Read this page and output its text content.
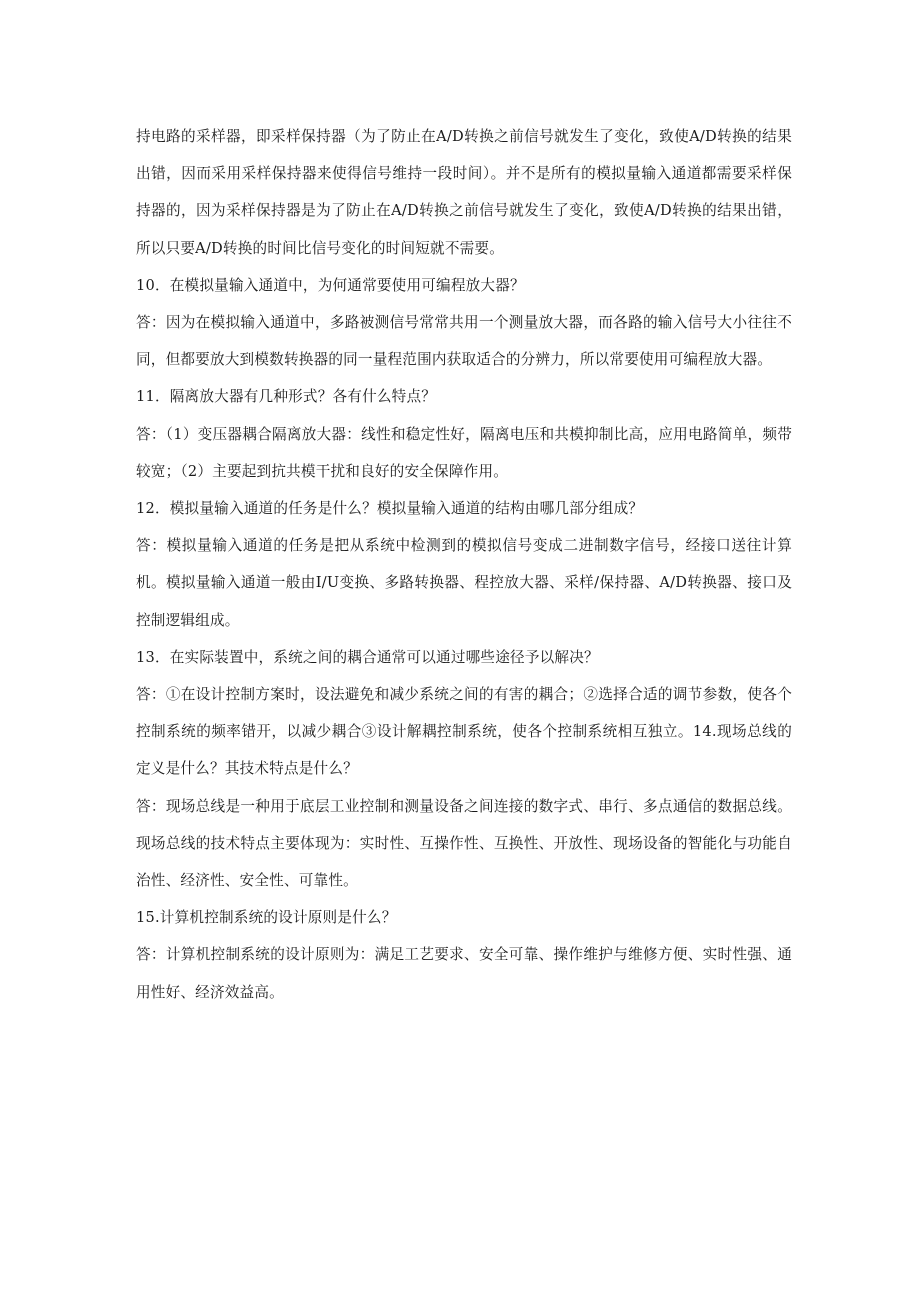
持电路的采样器，即采样保持器（为了防止在A/D转换之前信号就发生了变化，致使A/D转换的结果出错，因而采用采样保持器来使得信号维持一段时间）。并不是所有的模拟量输入通道都需要采样保持器的，因为采样保持器是为了防止在A/D转换之前信号就发生了变化，致使A/D转换的结果出错，所以只要A/D转换的时间比信号变化的时间短就不需要。

10．在模拟量输入通道中，为何通常要使用可编程放大器？

答：因为在模拟输入通道中，多路被测信号常常共用一个测量放大器，而各路的输入信号大小往往不同，但都要放大到模数转换器的同一量程范围内获取适合的分辨力，所以常要使用可编程放大器。

11．隔离放大器有几种形式？各有什么特点？

答：（1）变压器耦合隔离放大器：线性和稳定性好，隔离电压和共模抑制比高，应用电路简单，频带较宽；（2）主要起到抗共模干扰和良好的安全保障作用。

12．模拟量输入通道的任务是什么？模拟量输入通道的结构由哪几部分组成？

答：模拟量输入通道的任务是把从系统中检测到的模拟信号变成二进制数字信号，经接口送往计算机。模拟量输入通道一般由I/U变换、多路转换器、程控放大器、采样/保持器、A/D转换器、接口及控制逻辑组成。

13．在实际装置中，系统之间的耦合通常可以通过哪些途径予以解决？

答：①在设计控制方案时，设法避免和减少系统之间的有害的耦合；②选择合适的调节参数，使各个控制系统的频率错开，以减少耦合③设计解耦控制系统，使各个控制系统相互独立。14.现场总线的定义是什么？其技术特点是什么？

答：现场总线是一种用于底层工业控制和测量设备之间连接的数字式、串行、多点通信的数据总线。现场总线的技术特点主要体现为：实时性、互操作性、互换性、开放性、现场设备的智能化与功能自治性、经济性、安全性、可靠性。

15.计算机控制系统的设计原则是什么？

答：计算机控制系统的设计原则为：满足工艺要求、安全可靠、操作维护与维修方便、实时性强、通用性好、经济效益高。
